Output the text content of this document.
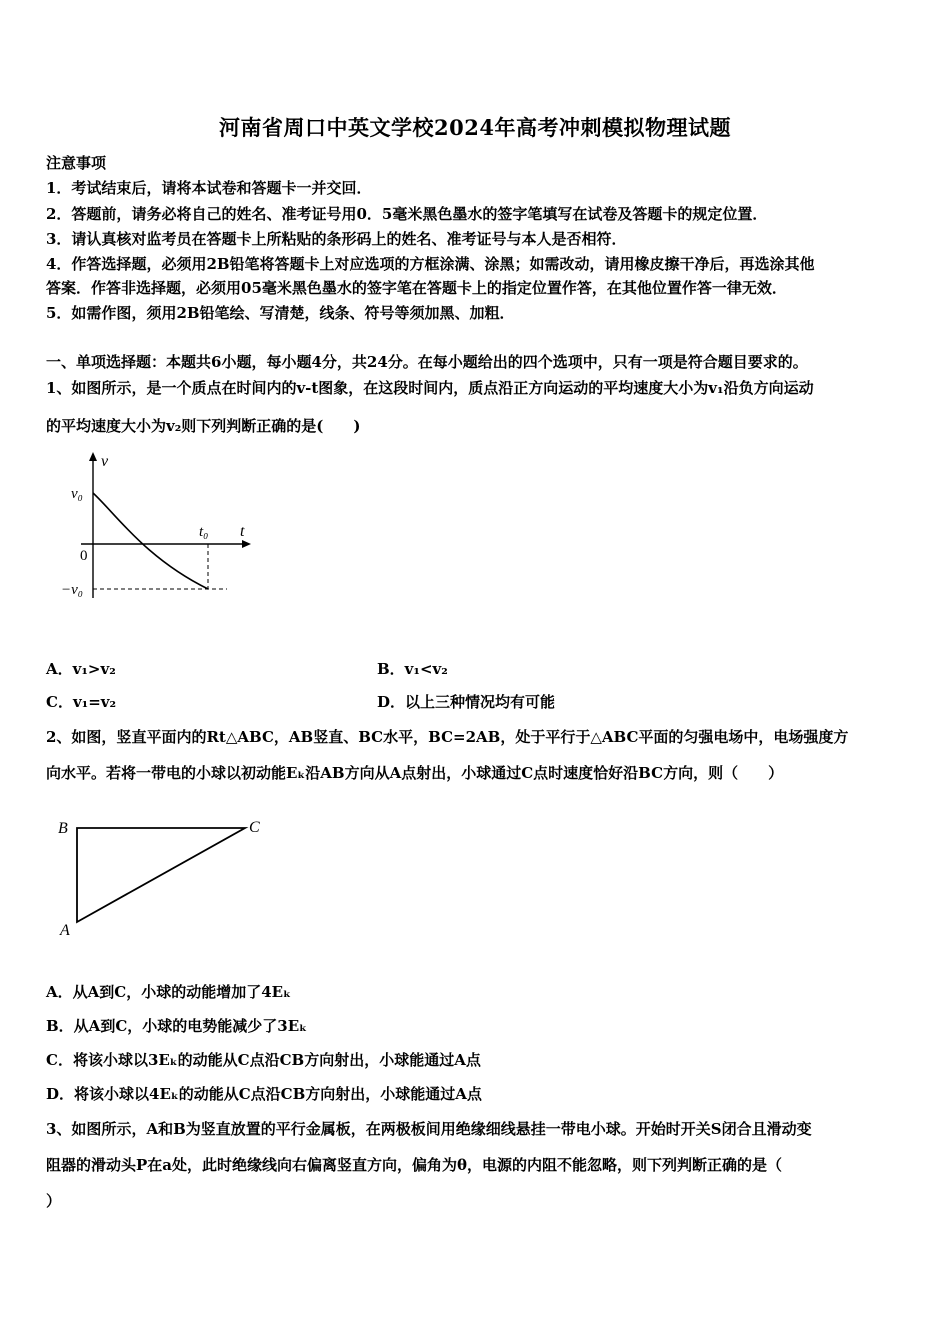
河南省周口中英文学校2024年高考冲刺模拟物理试题
注意事项
1．考试结束后，请将本试卷和答题卡一并交回．
2．答题前，请务必将自己的姓名、准考证号用0．5毫米黑色墨水的签字笔填写在试卷及答题卡的规定位置．
3．请认真核对监考员在答题卡上所粘贴的条形码上的姓名、准考证号与本人是否相符．
4．作答选择题，必须用2B铅笔将答题卡上对应选项的方框涂满、涂黑；如需改动，请用橡皮擦干净后，再选涂其他
答案．作答非选择题，必须用05毫米黑色墨水的签字笔在答题卡上的指定位置作答，在其他位置作答一律无效．
5．如需作图，须用2B铅笔绘、写清楚，线条、符号等须加黑、加粗．
一、单项选择题：本题共6小题，每小题4分，共24分。在每小题给出的四个选项中，只有一项是符合题目要求的。
1、如图所示，是一个质点在时间内的v-t图象，在这段时间内，质点沿正方向运动的平均速度大小为v₁沿负方向运动
的平均速度大小为v₂则下列判断正确的是(　　)
v
t
v₀
t₀
0
−v₀
A．v₁>v₂	B．v₁<v₂
C．v₁=v₂	D．以上三种情况均有可能
2、如图，竖直平面内的Rt△ABC，AB竖直、BC水平，BC=2AB，处于平行于△ABC平面的匀强电场中，电场强度方
向水平。若将一带电的小球以初动能Eₖ沿AB方向从A点射出，小球通过C点时速度恰好沿BC方向，则（　　）
B	C
A
A．从A到C，小球的动能增加了4Eₖ
B．从A到C，小球的电势能减少了3Eₖ
C．将该小球以3Eₖ的动能从C点沿CB方向射出，小球能通过A点
D．将该小球以4Eₖ的动能从C点沿CB方向射出，小球能通过A点
3、如图所示，A和B为竖直放置的平行金属板，在两极板间用绝缘细线悬挂一带电小球。开始时开关S闭合且滑动变
阻器的滑动头P在a处，此时绝缘线向右偏离竖直方向，偏角为θ，电源的内阻不能忽略，则下列判断正确的是（
）
